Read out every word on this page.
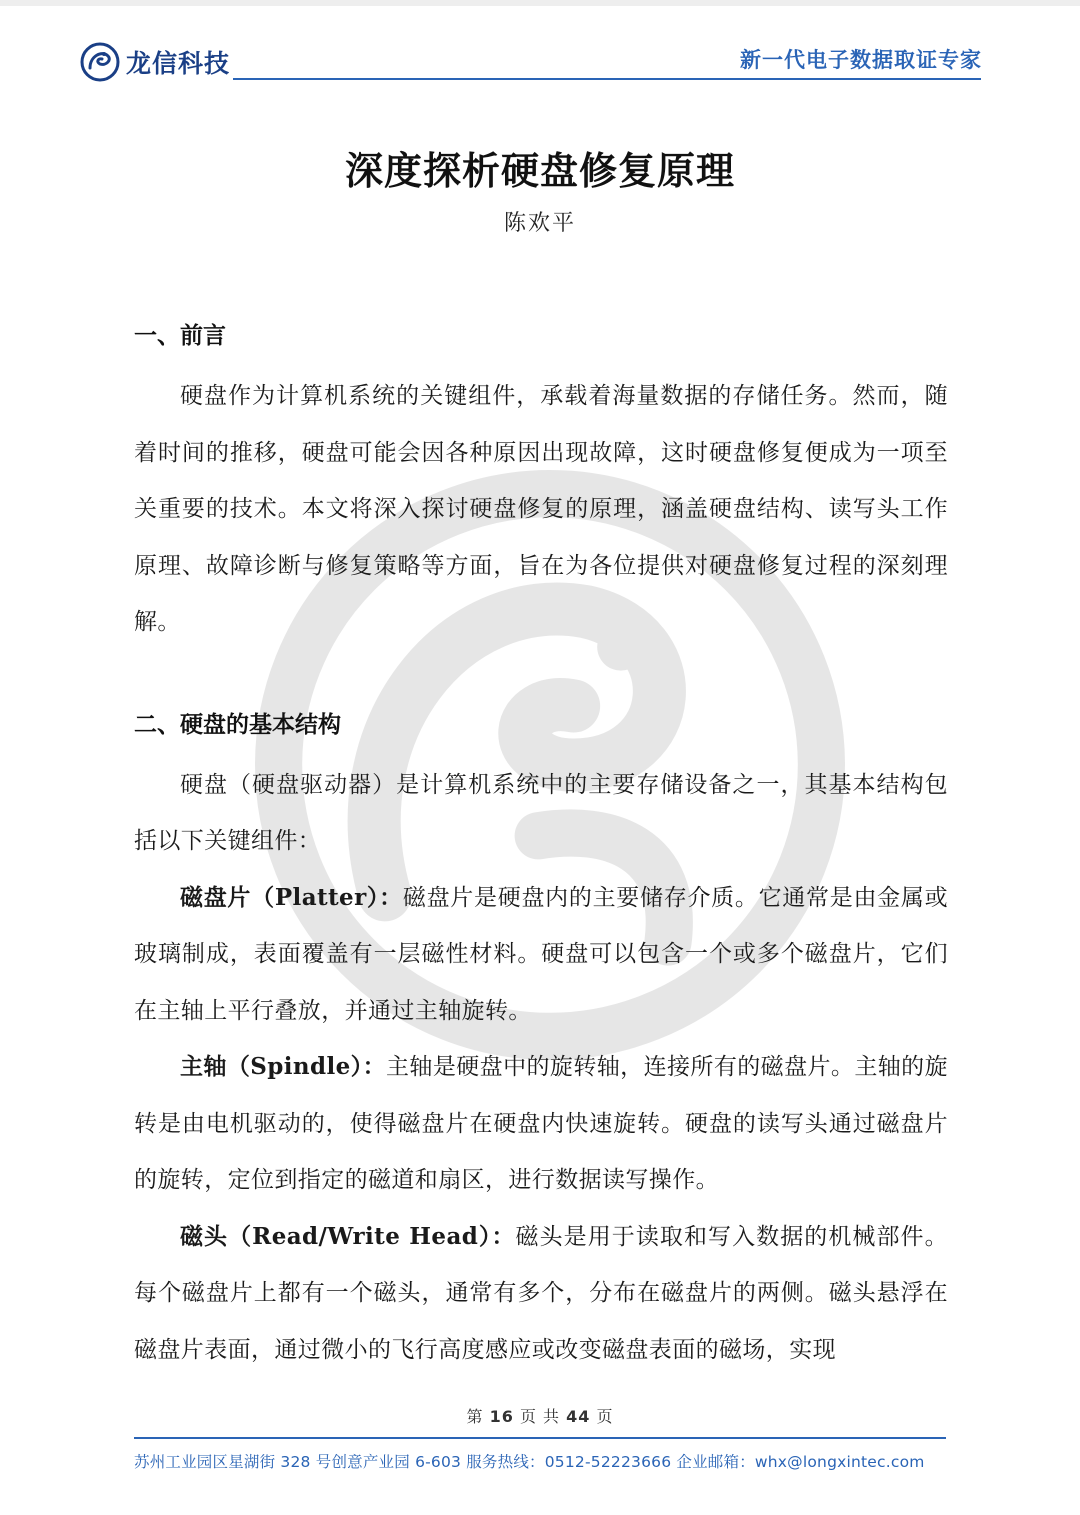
龙信科技	新一代电子数据取证专家
深度探析硬盘修复原理
陈欢平
一、前言

硬盘作为计算机系统的关键组件，承载着海量数据的存储任务。然而，随着时间的推移，硬盘可能会因各种原因出现故障，这时硬盘修复便成为一项至关重要的技术。本文将深入探讨硬盘修复的原理，涵盖硬盘结构、读写头工作原理、故障诊断与修复策略等方面，旨在为各位提供对硬盘修复过程的深刻理解。

二、硬盘的基本结构

硬盘（硬盘驱动器）是计算机系统中的主要存储设备之一，其基本结构包括以下关键组件：

磁盘片（Platter）：磁盘片是硬盘内的主要储存介质。它通常是由金属或玻璃制成，表面覆盖有一层磁性材料。硬盘可以包含一个或多个磁盘片，它们在主轴上平行叠放，并通过主轴旋转。

主轴（Spindle）：主轴是硬盘中的旋转轴，连接所有的磁盘片。主轴的旋转是由电机驱动的，使得磁盘片在硬盘内快速旋转。硬盘的读写头通过磁盘片的旋转，定位到指定的磁道和扇区，进行数据读写操作。

磁头（Read/Write Head）：磁头是用于读取和写入数据的机械部件。每个磁盘片上都有一个磁头，通常有多个，分布在磁盘片的两侧。磁头悬浮在磁盘片表面，通过微小的飞行高度感应或改变磁盘表面的磁场，实现

第 16 页 共 44 页
苏州工业园区星湖街 328 号创意产业园 6-603 服务热线：0512-52223666 企业邮箱：whx@longxintec.com
